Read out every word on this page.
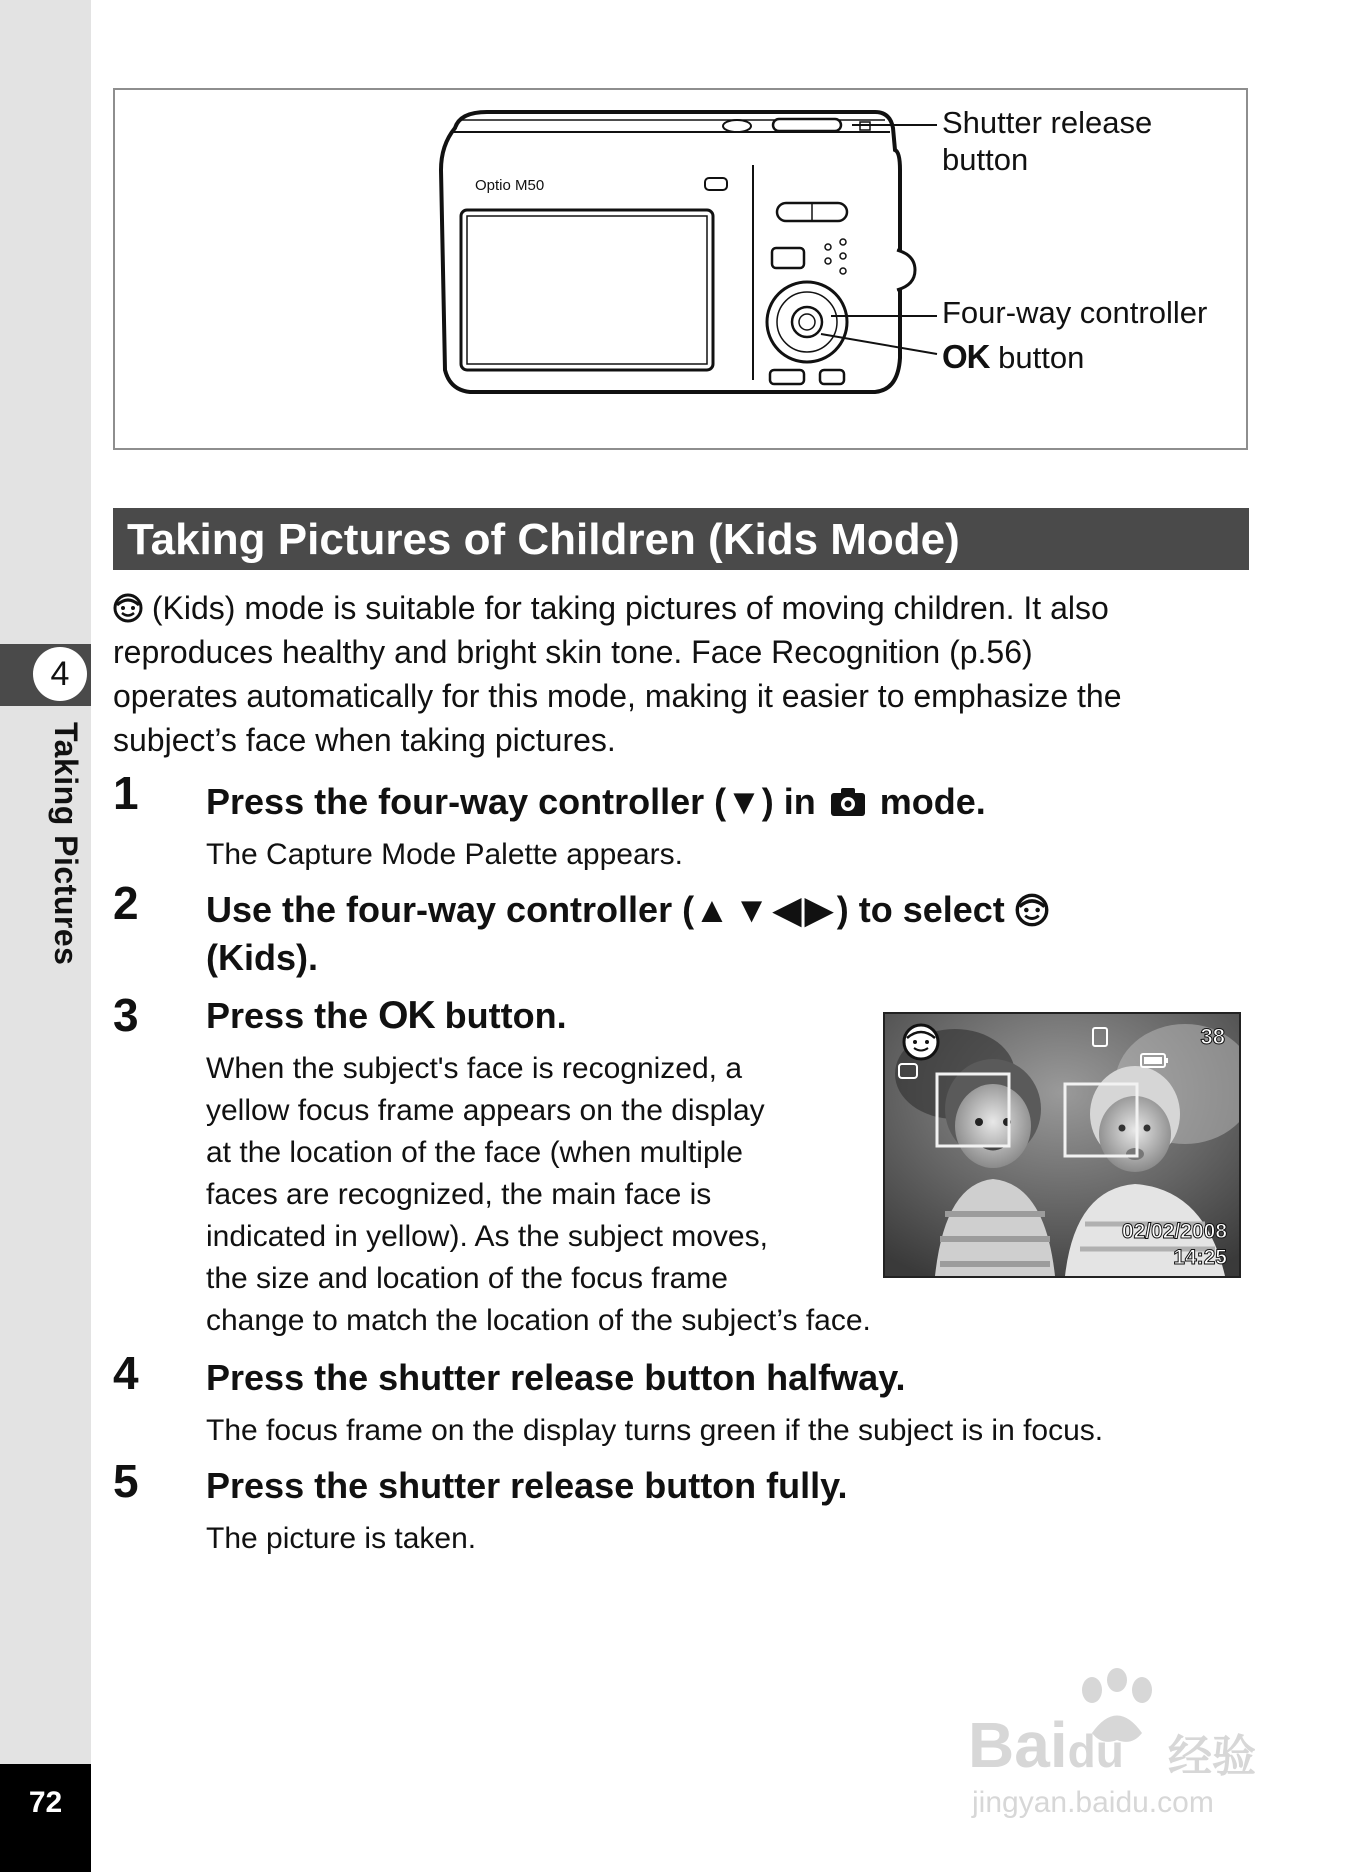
4
Taking Pictures
72
Optio M50
Shutter release
button
Four-way controller
OK button
Taking Pictures of Children (Kids Mode)
(Kids) mode is suitable for taking pictures of moving children. It also
reproduces healthy and bright skin tone. Face Recognition (p.56)
operates automatically for this mode, making it easier to emphasize the
subject’s face when taking pictures.
1 Press the four-way controller (▼) in mode.
The Capture Mode Palette appears.
2 Use the four-way controller (▲▼◀▶) to select
(Kids).
3 Press the OK button.
When the subject's face is recognized, a
yellow focus frame appears on the display
at the location of the face (when multiple
faces are recognized, the main face is
indicated in yellow). As the subject moves,
the size and location of the focus frame
change to match the location of the subject’s face.
38
02/02/2008
14:25
4 Press the shutter release button halfway.
The focus frame on the display turns green if the subject is in focus.
5 Press the shutter release button fully.
The picture is taken.
Baidu 经验
jingyan.baidu.com
